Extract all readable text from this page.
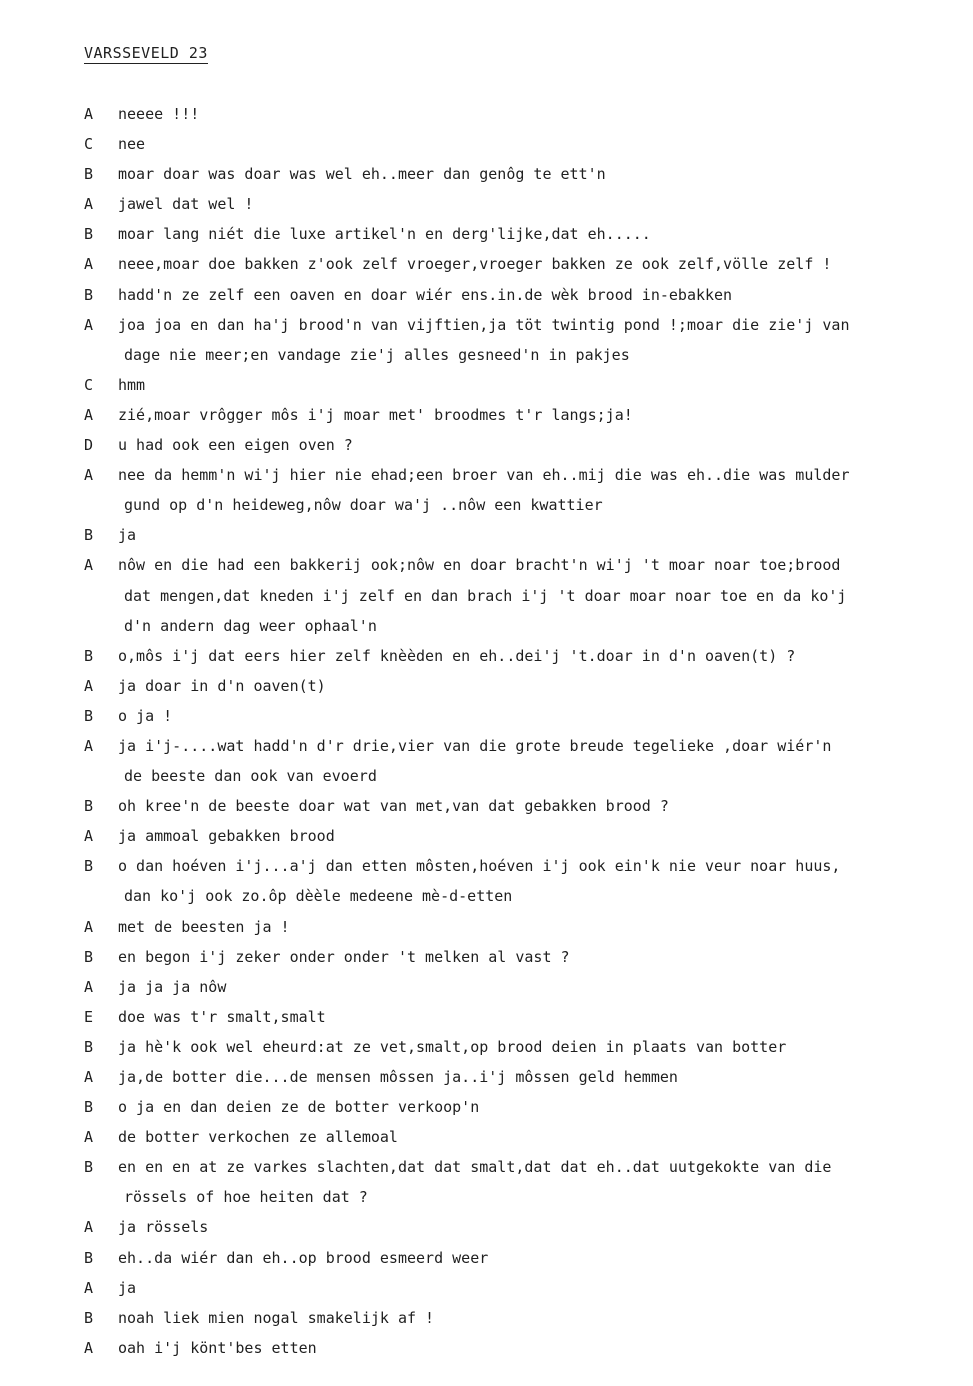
VARSSEVELD 23
A	neeee !!!
C	nee
B	moar doar was doar was wel eh..meer dan genôg te ett'n
A	jawel dat wel !
B	moar lang niét die luxe artikel'n en derg'lijke,dat eh.....
A	neee,moar doe bakken z'ook zelf vroeger,vroeger bakken ze ook zelf,völle zelf !
B	hadd'n ze zelf een oaven en doar wiér ens.in.de wèk brood in-ebakken
A	joa joa en dan ha'j brood'n van vijftien,ja töt twintig pond !;moar die zie'j van
dage nie meer;en vandage zie'j alles gesneed'n in pakjes
C	hmm
A	zié,moar vrôgger môs i'j moar met' broodmes t'r langs;ja!
D	u had ook een eigen oven ?
A	nee da hemm'n wi'j hier nie ehad;een broer van eh..mij die was eh..die was mulder
gund op d'n heideweg,nôw doar wa'j ..nôw een kwattier
B	ja
A	nôw en die had een bakkerij ook;nôw en doar bracht'n wi'j 't moar noar toe;brood
dat mengen,dat kneden i'j zelf en dan brach i'j 't doar moar noar toe en da ko'j
d'n andern dag weer ophaal'n
B	o,môs i'j dat eers hier zelf knèèden en eh..dei'j 't.doar in d'n oaven(t) ?
A	ja doar in d'n oaven(t)
B	o ja !
A	ja i'j-....wat hadd'n d'r drie,vier van die grote breude tegelieke ,doar wiér'n
de beeste dan ook van evoerd
B	oh kree'n de beeste doar wat van met,van dat gebakken brood ?
A	ja ammoal gebakken brood
B	o dan hoéven i'j...a'j dan etten môsten,hoéven i'j ook ein'k nie veur noar huus,
dan ko'j ook zo.ôp dèèle medeene mè-d-etten
A	met de beesten ja !
B	en begon i'j zeker onder onder 't melken al vast ?
A	ja ja ja nôw
E	doe was t'r smalt,smalt
B	ja hè'k ook wel eheurd:at ze vet,smalt,op brood deien in plaats van botter
A	ja,de botter die...de mensen môssen ja..i'j môssen geld hemmen
B	o ja en dan deien ze de botter verkoop'n
A	de botter verkochen ze allemoal
B	en en en at ze varkes slachten,dat dat smalt,dat dat eh..dat uutgekokte van die
rössels of hoe heiten dat ?
A	ja rössels
B	eh..da wiér dan eh..op brood esmeerd weer
A	ja
B	noah liek mien nogal smakelijk af !
A	oah i'j könt'bes etten
